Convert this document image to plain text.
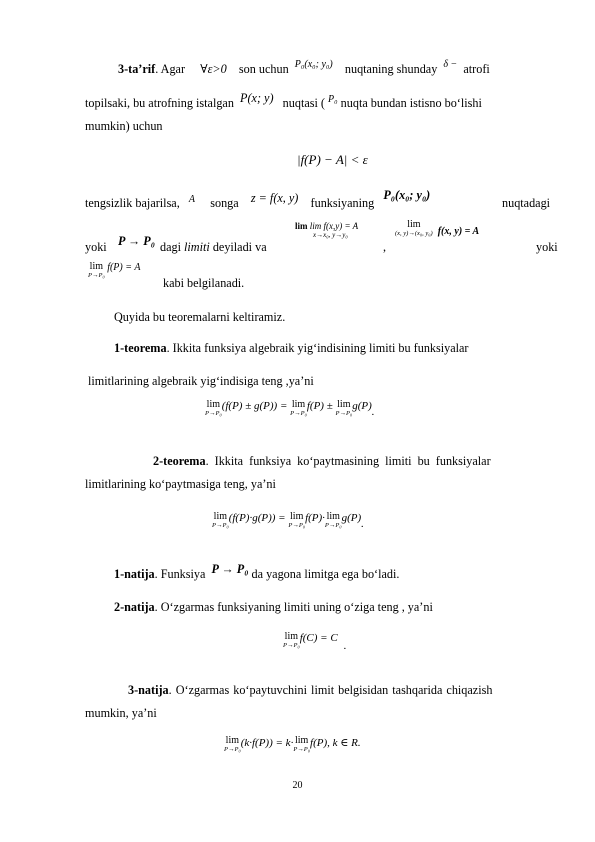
3-ta’rif. Agar ∀ε>0 son uchun $^{P_0(x_0; y_0)}$ nuqtaning shunday $^{\delta -}$ atrofi
topilsaki, bu atrofning istalgan P(x; y) nuqtasi ( $^{P_0}$ nuqta bundan istisno bo‘lishi
mumkin) uchun
|f(P) − A| < ε
tengsizlik bajarilsa, $^A$ songa z = f(x, y) funksiyaning   P₀(x₀; y₀)
nuqtadagi
yoki P → P₀ dagi limiti deyiladi va
lim lim f(x,y) = A
x→x₀, y→y₀
,
lim
(x, y)→(x₀, y₀) f(x, y) = A
yoki
lim
P→P₀
f(P) = A
kabi belgilanadi.
Quyida bu teoremalarni keltiramiz.
1-teorema. Ikkita funksiya algebraik yig‘indisining limiti bu funksiyalar
limitlarining algebraik yig‘indisiga teng ,ya’ni
lim
P→P₀
(f(P) ± g(P)) = lim
P→P₀
f(P) ± lim
P→P₀
g(P).
2-teorema. Ikkita funksiya ko‘paytmasining limiti bu funksiyalar
limitlarining ko‘paytmasiga teng, ya’ni
lim
P→P₀
(f(P)·g(P)) = lim
P→P₀
f(P)· lim
P→P₀
g(P).
1-natija. Funksiya P → P₀ da yagona limitga ega bo‘ladi.
2-natija. O‘zgarmas funksiyaning limiti uning o‘ziga teng , ya’ni
lim
P→P₀
f(C) = C.
3-natija. O‘zgarmas ko‘paytuvchini limit belgisidan tashqarida chiqazish
mumkin, ya’ni
lim
P→P₀
(k·f(P)) = k· lim
P→P₀
f(P), k ∈ R.
20
